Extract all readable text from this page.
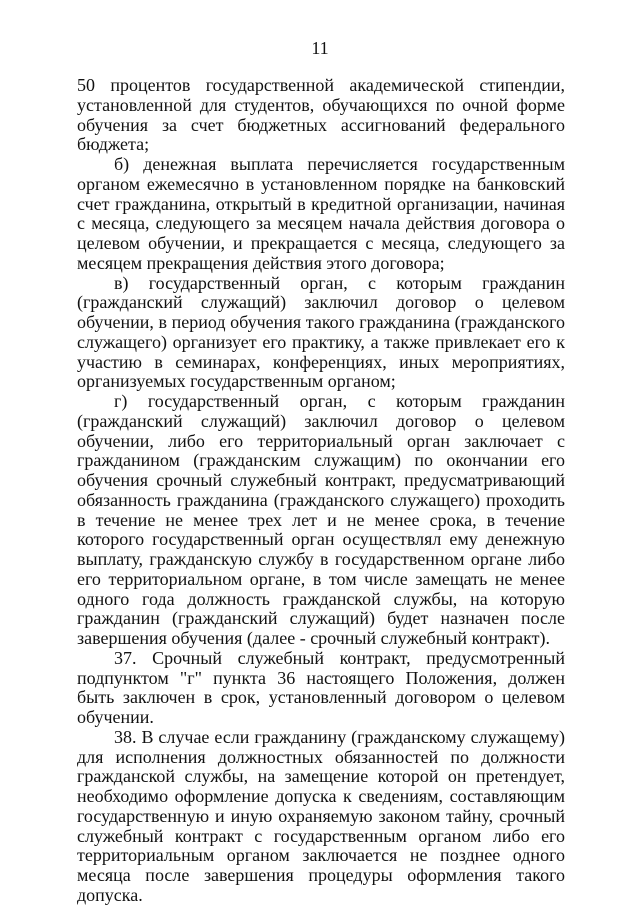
11

50 процентов государственной академической стипендии, установленной для студентов, обучающихся по очной форме обучения за счет бюджетных ассигнований федерального бюджета;

б) денежная выплата перечисляется государственным органом ежемесячно в установленном порядке на банковский счет гражданина, открытый в кредитной организации, начиная с месяца, следующего за месяцем начала действия договора о целевом обучении, и прекращается с месяца, следующего за месяцем прекращения действия этого договора;

в) государственный орган, с которым гражданин (гражданский служащий) заключил договор о целевом обучении, в период обучения такого гражданина (гражданского служащего) организует его практику, а также привлекает его к участию в семинарах, конференциях, иных мероприятиях, организуемых государственным органом;

г) государственный орган, с которым гражданин (гражданский служащий) заключил договор о целевом обучении, либо его территориальный орган заключает с гражданином (гражданским служащим) по окончании его обучения срочный служебный контракт, предусматривающий обязанность гражданина (гражданского служащего) проходить в течение не менее трех лет и не менее срока, в течение которого государственный орган осуществлял ему денежную выплату, гражданскую службу в государственном органе либо его территориальном органе, в том числе замещать не менее одного года должность гражданской службы, на которую гражданин (гражданский служащий) будет назначен после завершения обучения (далее - срочный служебный контракт).

37. Срочный служебный контракт, предусмотренный подпунктом "г" пункта 36 настоящего Положения, должен быть заключен в срок, установленный договором о целевом обучении.

38. В случае если гражданину (гражданскому служащему) для исполнения должностных обязанностей по должности гражданской службы, на замещение которой он претендует, необходимо оформление допуска к сведениям, составляющим государственную и иную охраняемую законом тайну, срочный служебный контракт с государственным органом либо его территориальным органом заключается не позднее одного месяца после завершения процедуры оформления такого допуска.
